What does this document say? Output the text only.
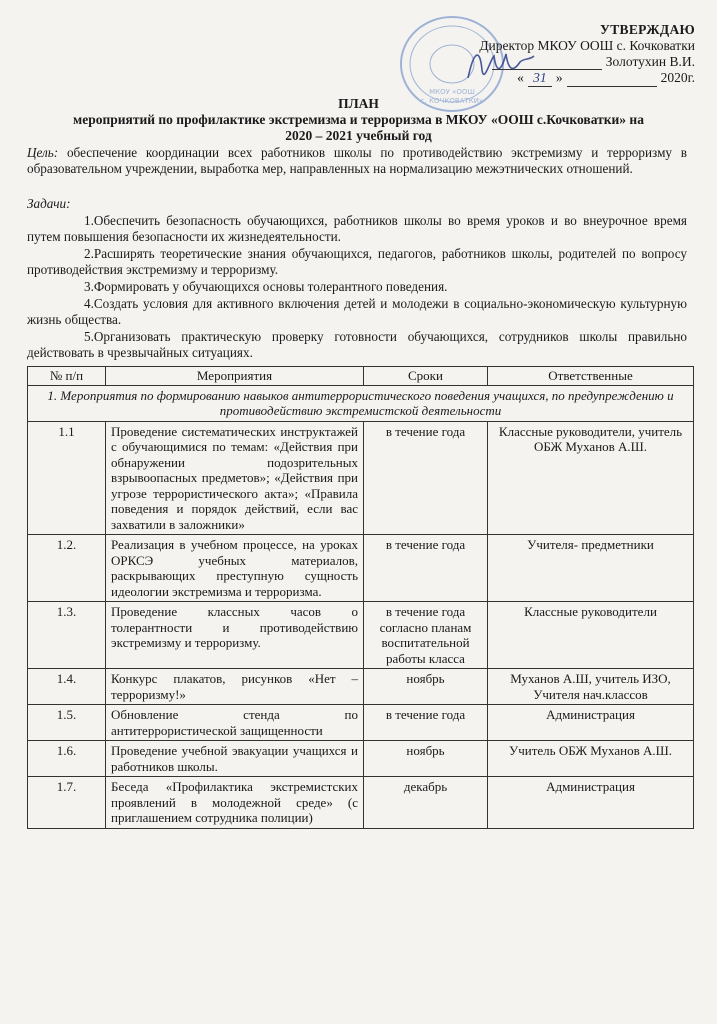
МКОУ «ООШ
с. КОЧКОВАТКИ»
УТВЕРЖДАЮ
Директор МКОУ ООШ с. Кочковатки
Золотухин В.И.
« 31 »	2020г.
ПЛАН
мероприятий по профилактике экстремизма и терроризма в МКОУ «ООШ с.Кочковатки» на
2020 – 2021 учебный год
Цель: обеспечение координации всех работников школы по противодействию экстремизму и терроризму в образовательном учреждении, выработка мер, направленных на нормализацию межэтнических отношений.
Задачи:
1.Обеспечить безопасность обучающихся, работников школы во время уроков и во внеурочное время путем повышения безопасности их жизнедеятельности.
2.Расширять теоретические знания обучающихся, педагогов, работников школы, родителей по вопросу противодействия экстремизму и терроризму.
3.Формировать у обучающихся основы толерантного поведения.
4.Создать условия для активного включения детей и молодежи в социально-экономическую культурную жизнь общества.
5.Организовать практическую проверку готовности обучающихся, сотрудников школы правильно действовать в чрезвычайных ситуациях.
№ п/п	Мероприятия	Сроки	Ответственные
1. Мероприятия по формированию навыков антитеррористического поведения учащихся, по предупреждению и противодействию экстремистской деятельности			
1.1	Проведение систематических инструктажей с обучающимися по темам: «Действия при обнаружении подозрительных взрывоопасных предметов»; «Действия при угрозе террористического акта»; «Правила поведения и порядок действий, если вас захватили в заложники»	в течение года	Классные руководители, учитель ОБЖ Муханов А.Ш.
1.2.	Реализация в учебном процессе, на уроках ОРКСЭ учебных материалов, раскрывающих преступную сущность идеологии экстремизма и терроризма.	в течение года	Учителя- предметники
1.3.	Проведение классных часов о толерантности и противодействию экстремизму и терроризму.	в течение года согласно планам воспитательной работы класса	Классные руководители
1.4.	Конкурс плакатов, рисунков «Нет – терроризму!»	ноябрь	Муханов А.Ш, учитель ИЗО, Учителя нач.классов
1.5.	Обновление стенда по антитеррористической защищенности	в течение года	Администрация
1.6.	Проведение учебной эвакуации учащихся и работников школы.	ноябрь	Учитель ОБЖ Муханов А.Ш.
1.7.	Беседа «Профилактика экстремистских проявлений в молодежной среде» (с приглашением сотрудника полиции)	декабрь	Администрация
